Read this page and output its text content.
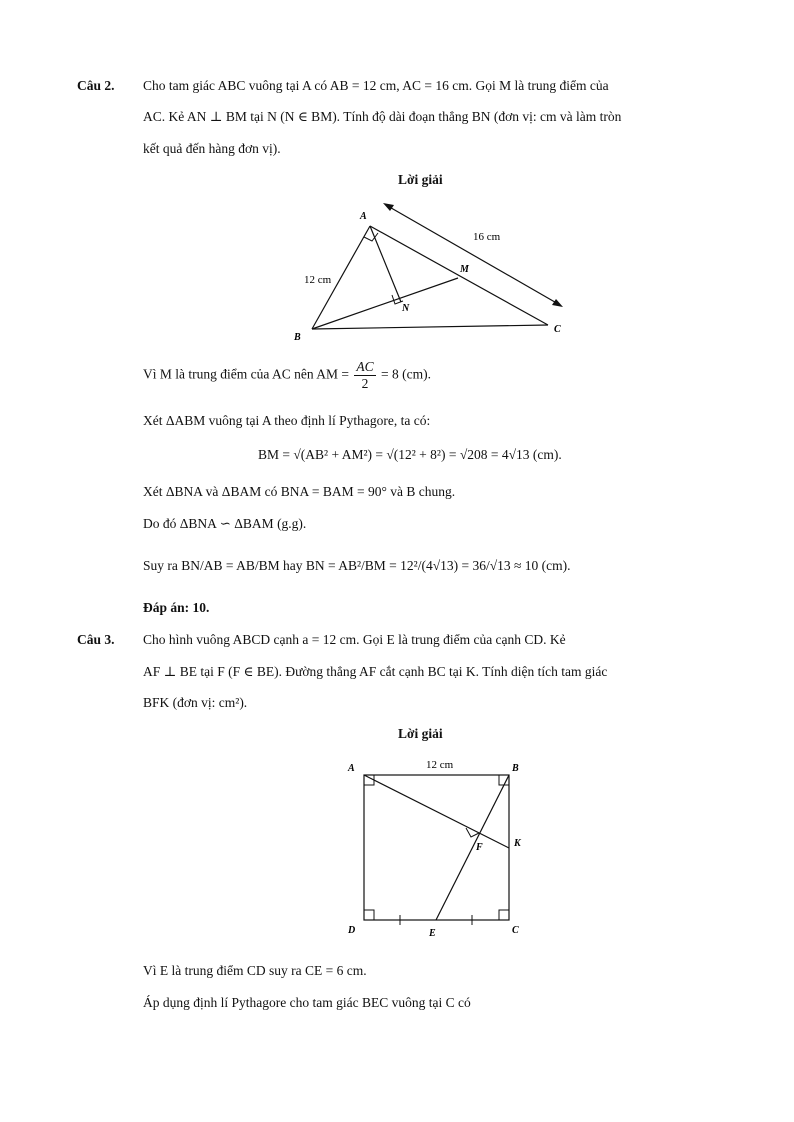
Câu 2. Cho tam giác ABC vuông tại A có AB = 12 cm, AC = 16 cm. Gọi M là trung điểm của
AC. Kẻ AN ⊥ BM tại N (N ∈ BM). Tính độ dài đoạn thẳng BN (đơn vị: cm và làm tròn
kết quả đến hàng đơn vị).
Lời giải
A
B
C
M
N
16 cm
12 cm
Vì M là trung điểm của AC nên AM = $\frac{AC}{2} = 8$ (cm).
Xét ΔABM vuông tại A theo định lí Pythagore, ta có:
BM = √(AB² + AM²) = √(12² + 8²) = √208 = 4√13 (cm).
Xét ΔBNA và ΔBAM có BNA = BAM = 90° và B chung.
Do đó ΔBNA ∽ ΔBAM (g.g).
Suy ra BN/AB = AB/BM hay BN = AB²/BM = 12²/(4√13) = 36/√13 ≈ 10 (cm).
Đáp án: 10.
Câu 3. Cho hình vuông ABCD cạnh a = 12 cm. Gọi E là trung điểm của cạnh CD. Kẻ
AF ⊥ BE tại F (F ∈ BE). Đường thẳng AF cắt cạnh BC tại K. Tính diện tích tam giác
BFK (đơn vị: cm²).
Lời giải
A	B
C
D	E
F	K
12 cm
Vì E là trung điểm CD suy ra CE = 6 cm.
Áp dụng định lí Pythagore cho tam giác BEC vuông tại C có
